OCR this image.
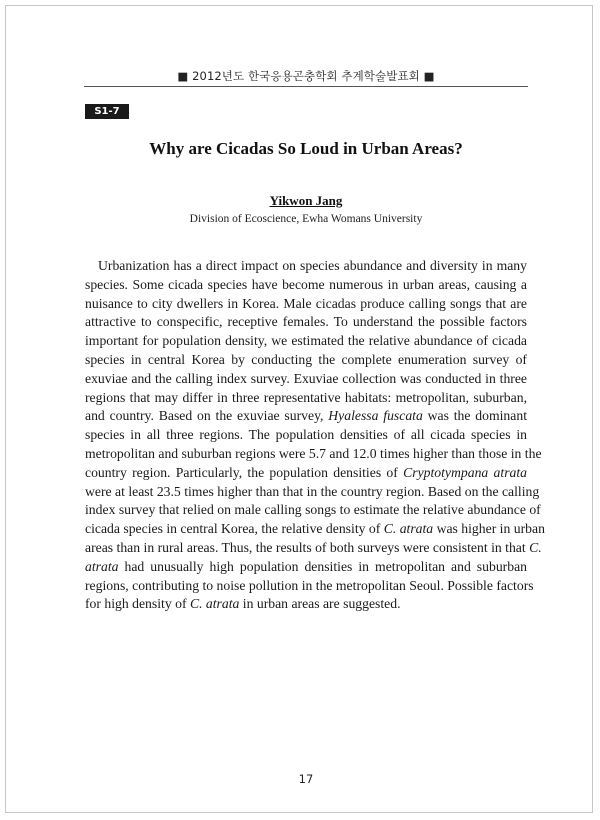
■ 2012년도 한국응용곤충학회 추계학술발표회 ■
S1-7
Why are Cicadas So Loud in Urban Areas?
Yikwon Jang
Division of Ecoscience, Ewha Womans University
Urbanization has a direct impact on species abundance and diversity in many
species. Some cicada species have become numerous in urban areas, causing a
nuisance to city dwellers in Korea. Male cicadas produce calling songs that are
attractive to conspecific, receptive females. To understand the possible factors
important for population density, we estimated the relative abundance of cicada
species in central Korea by conducting the complete enumeration survey of
exuviae and the calling index survey. Exuviae collection was conducted in three
regions that may differ in three representative habitats: metropolitan, suburban,
and country. Based on the exuviae survey, Hyalessa fuscata was the dominant
species in all three regions. The population densities of all cicada species in
metropolitan and suburban regions were 5.7 and 12.0 times higher than those in the
country region. Particularly, the population densities of Cryptotympana atrata
were at least 23.5 times higher than that in the country region. Based on the calling
index survey that relied on male calling songs to estimate the relative abundance of
cicada species in central Korea, the relative density of C. atrata was higher in urban
areas than in rural areas. Thus, the results of both surveys were consistent in that C.
atrata had unusually high population densities in metropolitan and suburban
regions, contributing to noise pollution in the metropolitan Seoul. Possible factors
for high density of C. atrata in urban areas are suggested.
17
